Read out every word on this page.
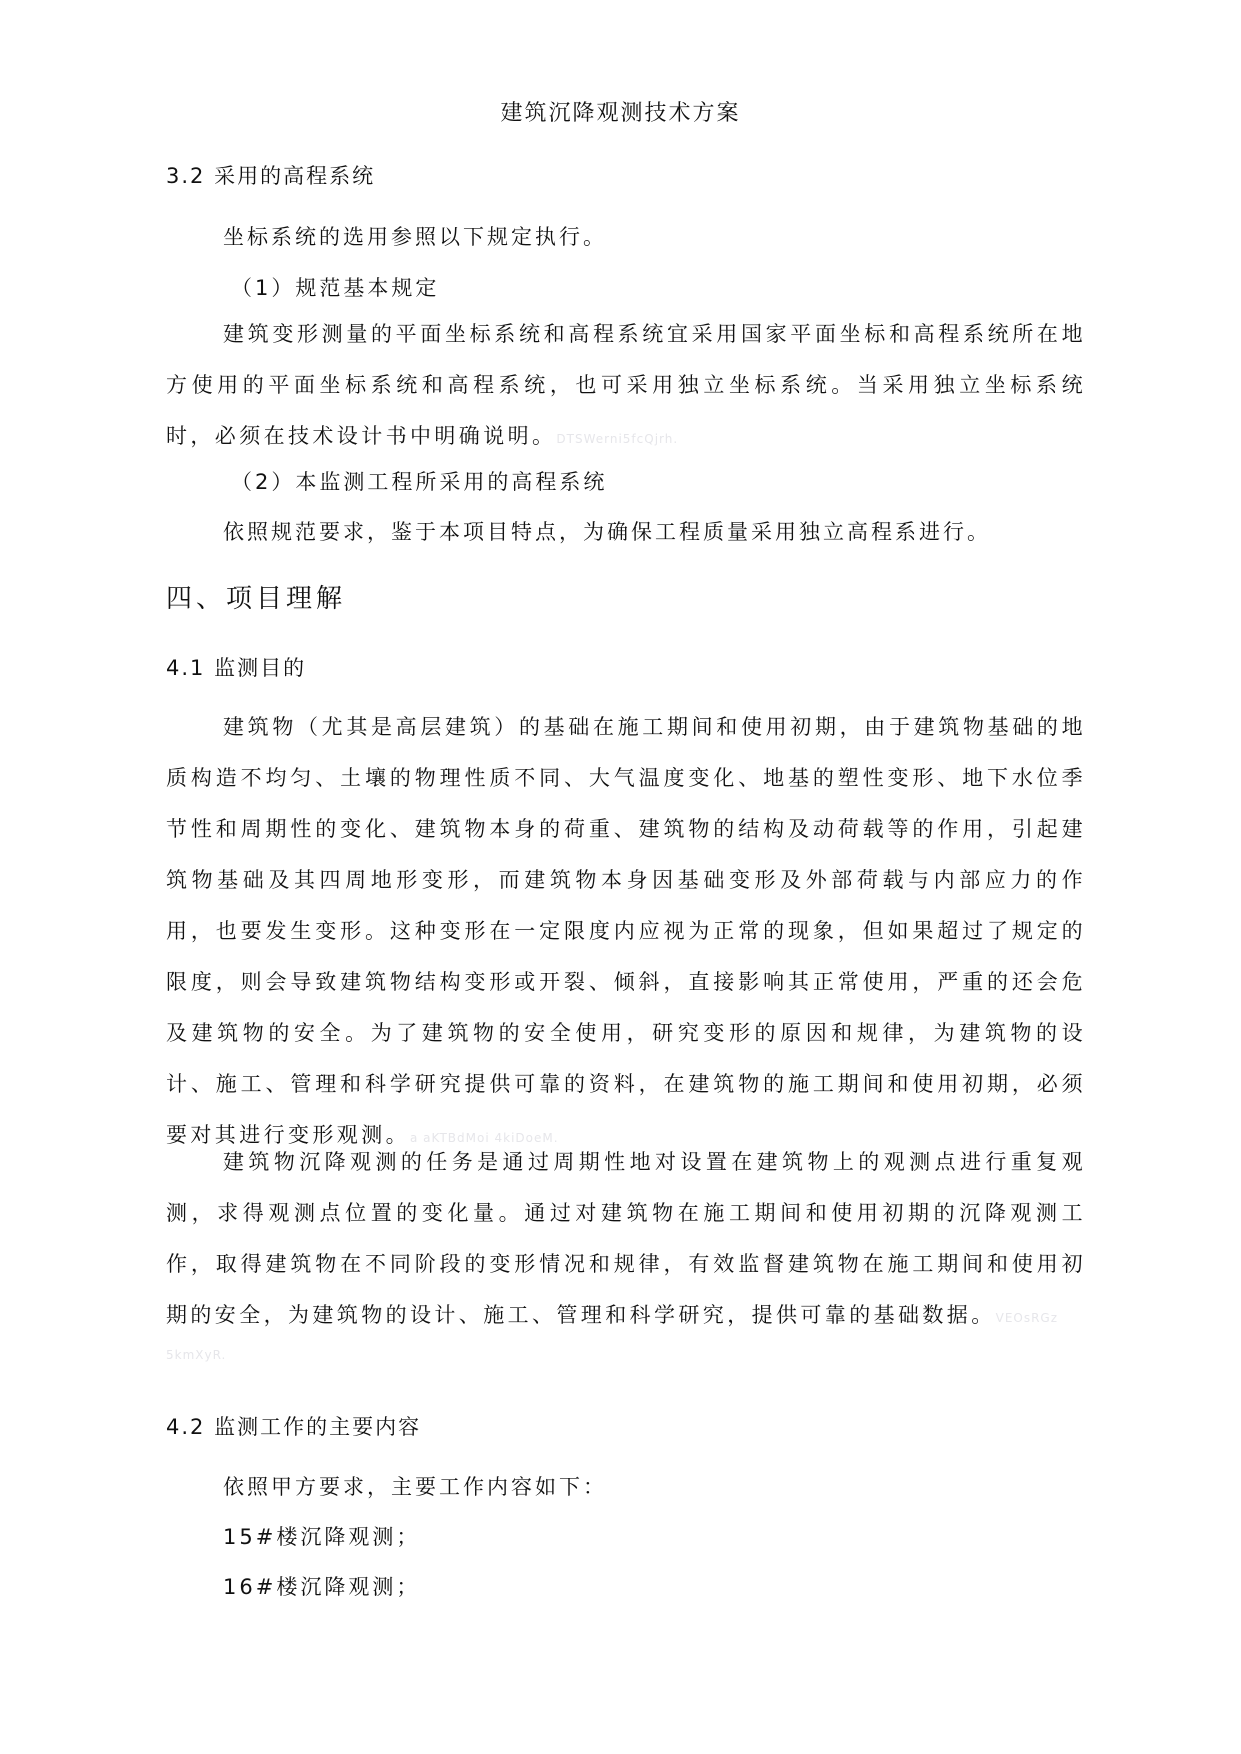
建筑沉降观测技术方案
3.2 采用的高程系统
坐标系统的选用参照以下规定执行。
（1）规范基本规定

建筑变形测量的平面坐标系统和高程系统宜采用国家平面坐标和高程系统所在地方使用的平面坐标系统和高程系统，也可采用独立坐标系统。当采用独立坐标系统时，必须在技术设计书中明确说明。DTSWerni5fcQjrh.

（2）本监测工程所采用的高程系统
依照规范要求，鉴于本项目特点，为确保工程质量采用独立高程系进行。
四、项目理解
4.1 监测目的

建筑物（尤其是高层建筑）的基础在施工期间和使用初期，由于建筑物基础的地质构造不均匀、土壤的物理性质不同、大气温度变化、地基的塑性变形、地下水位季节性和周期性的变化、建筑物本身的荷重、建筑物的结构及动荷载等的作用，引起建筑物基础及其四周地形变形，而建筑物本身因基础变形及外部荷载与内部应力的作用，也要发生变形。这种变形在一定限度内应视为正常的现象，但如果超过了规定的限度，则会导致建筑物结构变形或开裂、倾斜，直接影响其正常使用，严重的还会危及建筑物的安全。为了建筑物的安全使用，研究变形的原因和规律，为建筑物的设计、施工、管理和科学研究提供可靠的资料，在建筑物的施工期间和使用初期，必须要对其进行变形观测。a aKTBdMoi 4kiDoeM.

建筑物沉降观测的任务是通过周期性地对设置在建筑物上的观测点进行重复观测，求得观测点位置的变化量。通过对建筑物在施工期间和使用初期的沉降观测工作，取得建筑物在不同阶段的变形情况和规律，有效监督建筑物在施工期间和使用初期的安全，为建筑物的设计、施工、管理和科学研究，提供可靠的基础数据。VEOsRGz

5kmXyR.
4.2 监测工作的主要内容
依照甲方要求，主要工作内容如下：
15#楼沉降观测；
16#楼沉降观测；
